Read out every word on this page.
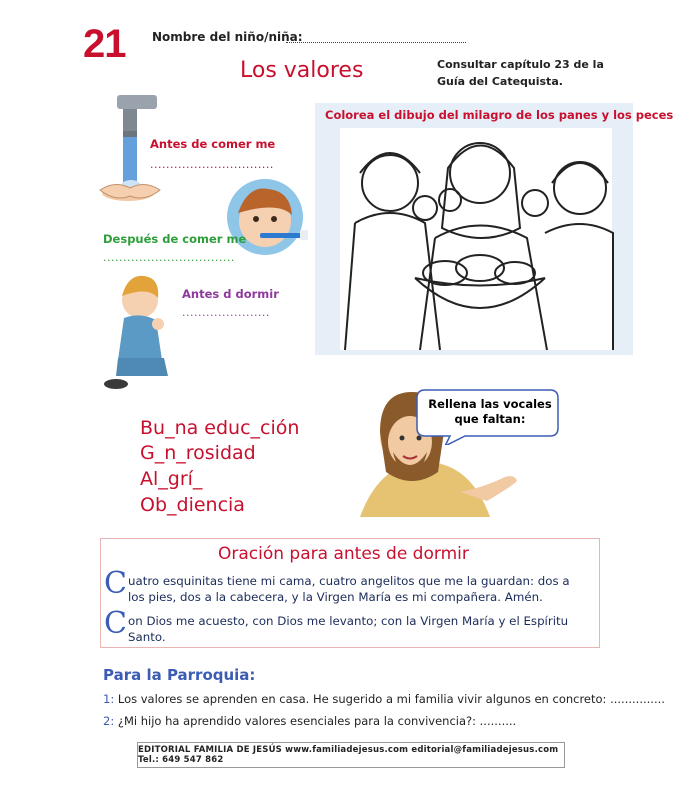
21 Nombre del niño/niña:
Los valores	Consultar capítulo 23 de la
Guía del Catequista.
Antes de comer me
...............................
Después de comer me
.................................
Antes d dormir
......................
Colorea el dibujo del milagro de los panes y los peces
Rellena las vocales
que faltan:
Bu_na educ_ción
G_n_rosidad
Al_grí_
Ob_diencia
Oración para antes de dormir
C uatro esquinitas tiene mi cama, cuatro angelitos que me la guardan: dos a
los pies, dos a la cabecera, y la Virgen María es mi compañera. Amén.
C on Dios me acuesto, con Dios me levanto; con la Virgen María y el Espíritu
Santo.
Para la Parroquia:
1: Los valores se aprenden en casa. He sugerido a mi familia vivir algunos en concreto: ...............
2: ¿Mi hijo ha aprendido valores esenciales para la convivencia?: ..........
EDITORIAL FAMILIA DE JESÚS www.familiadejesus.com editorial@familiadejesus.com Tel.: 649 547 862
